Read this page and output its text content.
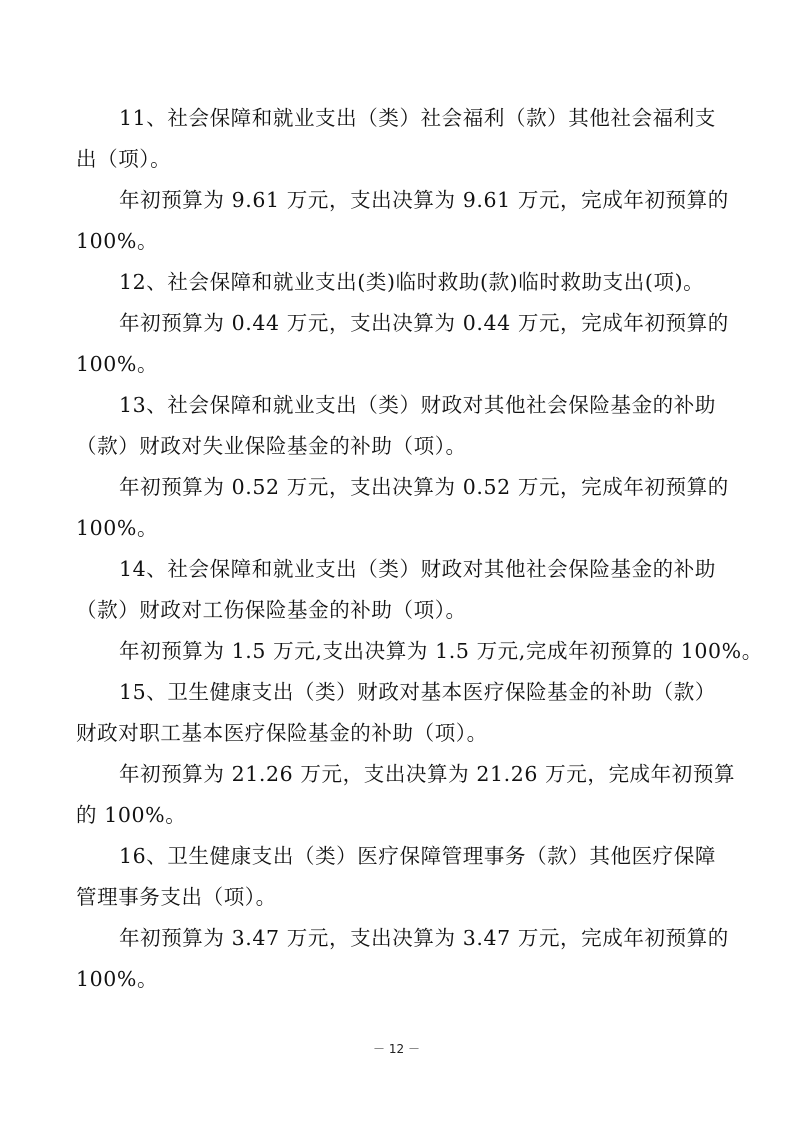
11、社会保障和就业支出（类）社会福利（款）其他社会福利支
出（项）。
年初预算为 9.61 万元，支出决算为 9.61 万元，完成年初预算的
100%。
12、社会保障和就业支出(类)临时救助(款)临时救助支出(项)。
年初预算为 0.44 万元，支出决算为 0.44 万元，完成年初预算的
100%。
13、社会保障和就业支出（类）财政对其他社会保险基金的补助
（款）财政对失业保险基金的补助（项）。
年初预算为 0.52 万元，支出决算为 0.52 万元，完成年初预算的
100%。
14、社会保障和就业支出（类）财政对其他社会保险基金的补助
（款）财政对工伤保险基金的补助（项）。
年初预算为 1.5 万元,支出决算为 1.5 万元,完成年初预算的 100%。
15、卫生健康支出（类）财政对基本医疗保险基金的补助（款）
财政对职工基本医疗保险基金的补助（项）。
年初预算为 21.26 万元，支出决算为 21.26 万元，完成年初预算
的 100%。
16、卫生健康支出（类）医疗保障管理事务（款）其他医疗保障
管理事务支出（项）。
年初预算为 3.47 万元，支出决算为 3.47 万元，完成年初预算的
100%。
－ 12 －
